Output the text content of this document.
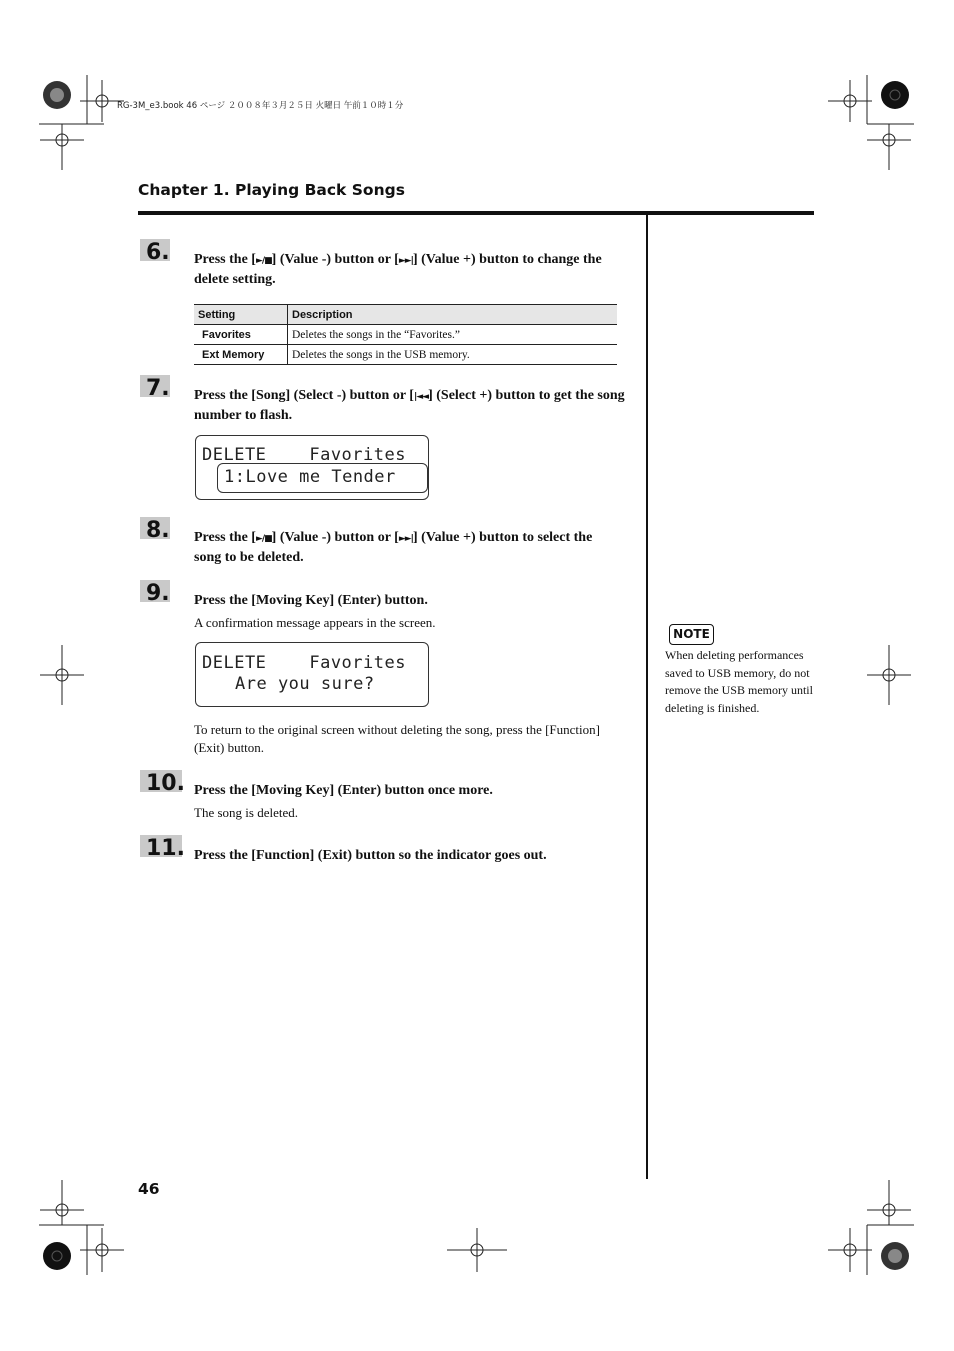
RG-3M_e3.book 46 ページ ２００８年３月２５日 火曜日 午前１０時１分
Chapter 1. Playing Back Songs
6. Press the [►/■] (Value -) button or [►►|] (Value +) button to change the delete setting.
Setting	Description
Favorites	Deletes the songs in the “Favorites.”
Ext Memory	Deletes the songs in the USB memory.
7. Press the [Song] (Select -) button or [|◄◄] (Select +) button to get the song number to flash.
DELETE    Favorites
1:Love me Tender
8. Press the [►/■] (Value -) button or [►►|] (Value +) button to select the song to be deleted.
9. Press the [Moving Key] (Enter) button.
A confirmation message appears in the screen.
DELETE    Favorites
Are you sure?
To return to the original screen without deleting the song, press the [Function] (Exit) button.
10. Press the [Moving Key] (Enter) button once more.
The song is deleted.
11. Press the [Function] (Exit) button so the indicator goes out.
NOTE
When deleting performances saved to USB memory, do not remove the USB memory until deleting is finished.
46
